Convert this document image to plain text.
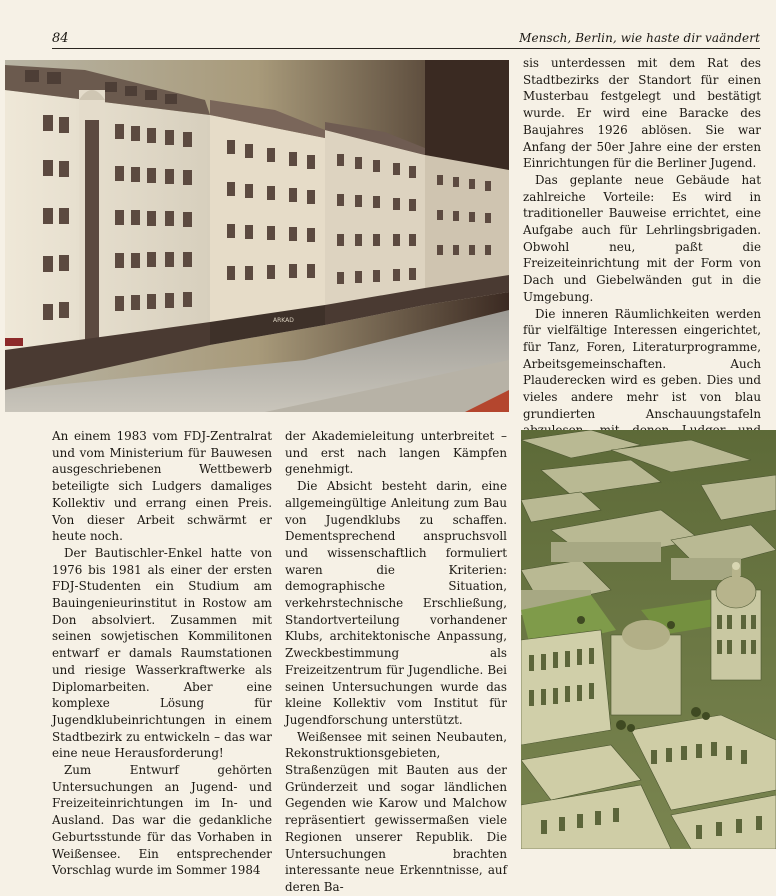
84	Mensch, Berlin, wie haste dir vaändert
ARKAD

sis unterdessen mit dem Rat des Stadtbezirks der Standort für einen Musterbau festgelegt und bestätigt wurde. Er wird eine Baracke des Baujahres 1926 ablösen. Sie war Anfang der 50er Jahre eine der ersten Einrichtungen für die Berliner Jugend.

Das geplante neue Gebäude hat zahlreiche Vorteile: Es wird in traditioneller Bauweise errichtet, eine Aufgabe auch für Lehrlingsbrigaden. Obwohl neu, paßt die Freizeiteinrichtung mit der Form von Dach und Giebelwänden gut in die Umgebung.

Die inneren Räumlichkeiten werden für vielfältige Interessen eingerichtet, für Tanz, Foren, Literaturprogramme, Arbeitsgemeinschaften. Auch Plauderecken wird es geben. Dies und vieles andere mehr ist von blau grundierten Anschauungstafeln

An einem 1983 vom FDJ-Zentralrat und vom Ministerium für Bauwesen ausgeschriebenen Wettbewerb beteiligte sich Ludgers damaliges Kollektiv und errang einen Preis. Von dieser Arbeit schwärmt er heute noch.

Der Bautischler-Enkel hatte von 1976 bis 1981 als einer der ersten FDJ-Studenten ein Studium am Bauingenieurinstitut in Rostow am Don absolviert. Zusammen mit seinen sowjetischen Kommilitonen entwarf er damals Raumstationen und riesige Wasserkraftwerke als Diplomarbeiten. Aber eine komplexe Lösung für Jugendklubeinrichtungen in einem Stadtbezirk zu entwickeln – das war eine neue Herausforderung!

Zum Entwurf gehörten Untersuchungen an Jugend- und Freizeiteinrichtungen im In- und Ausland. Das war die gedankliche Geburtsstunde für das Vorhaben in Weißensee. Ein entsprechender Vorschlag wurde im Sommer 1984

der Akademieleitung unterbreitet – und erst nach langen Kämpfen genehmigt.

Die Absicht besteht darin, eine allgemeingültige Anleitung zum Bau von Jugendklubs zu schaffen. Dementsprechend anspruchsvoll und wissenschaftlich formuliert waren die Kriterien: demographische Situation, verkehrstechnische Erschließung, Standortverteilung vorhandener Klubs, architektonische Anpassung, Zweckbestimmung als Freizeitzentrum für Jugendliche. Bei seinen Untersuchungen wurde das kleine Kollektiv vom Institut für Jugendforschung unterstützt.

Weißensee mit seinen Neubauten, Rekonstruktionsgebieten, Straßenzügen mit Bauten aus der Gründerzeit und sogar ländlichen Gegenden wie Karow und Malchow repräsentiert gewissermaßen viele Regionen unserer Republik. Die Untersuchungen brachten interessante neue Erkenntnisse, auf deren Ba-
